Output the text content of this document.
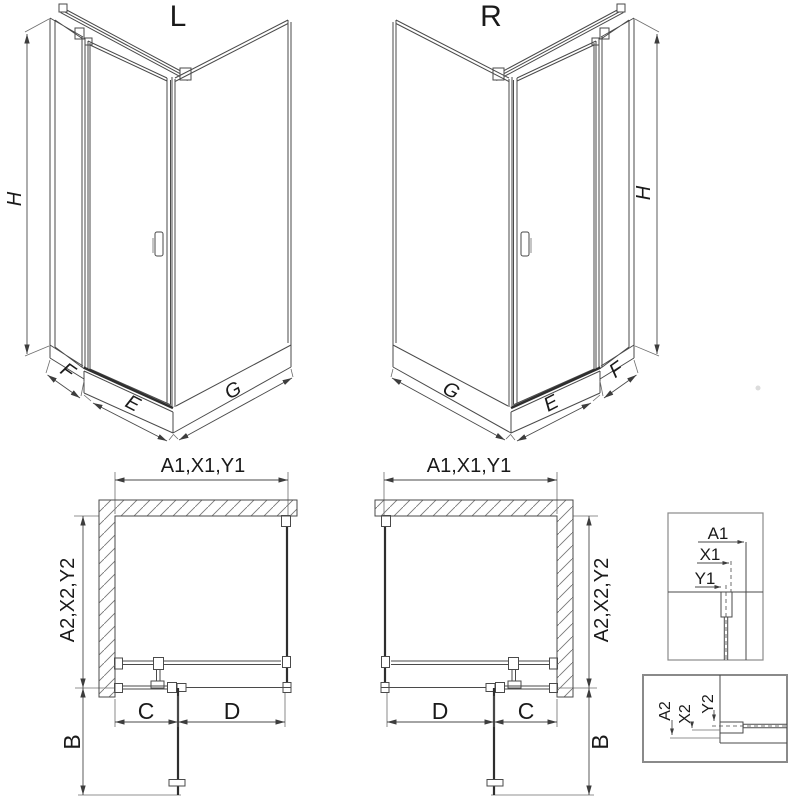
L
H
F
E	G
R
H
G	E
F
A1,X1,Y1
A2,X2,Y2
C	D
B
A1,X1,Y1
A2,X2,Y2
D	C
B
A1
X1
Y1
A2 X2
Y2
